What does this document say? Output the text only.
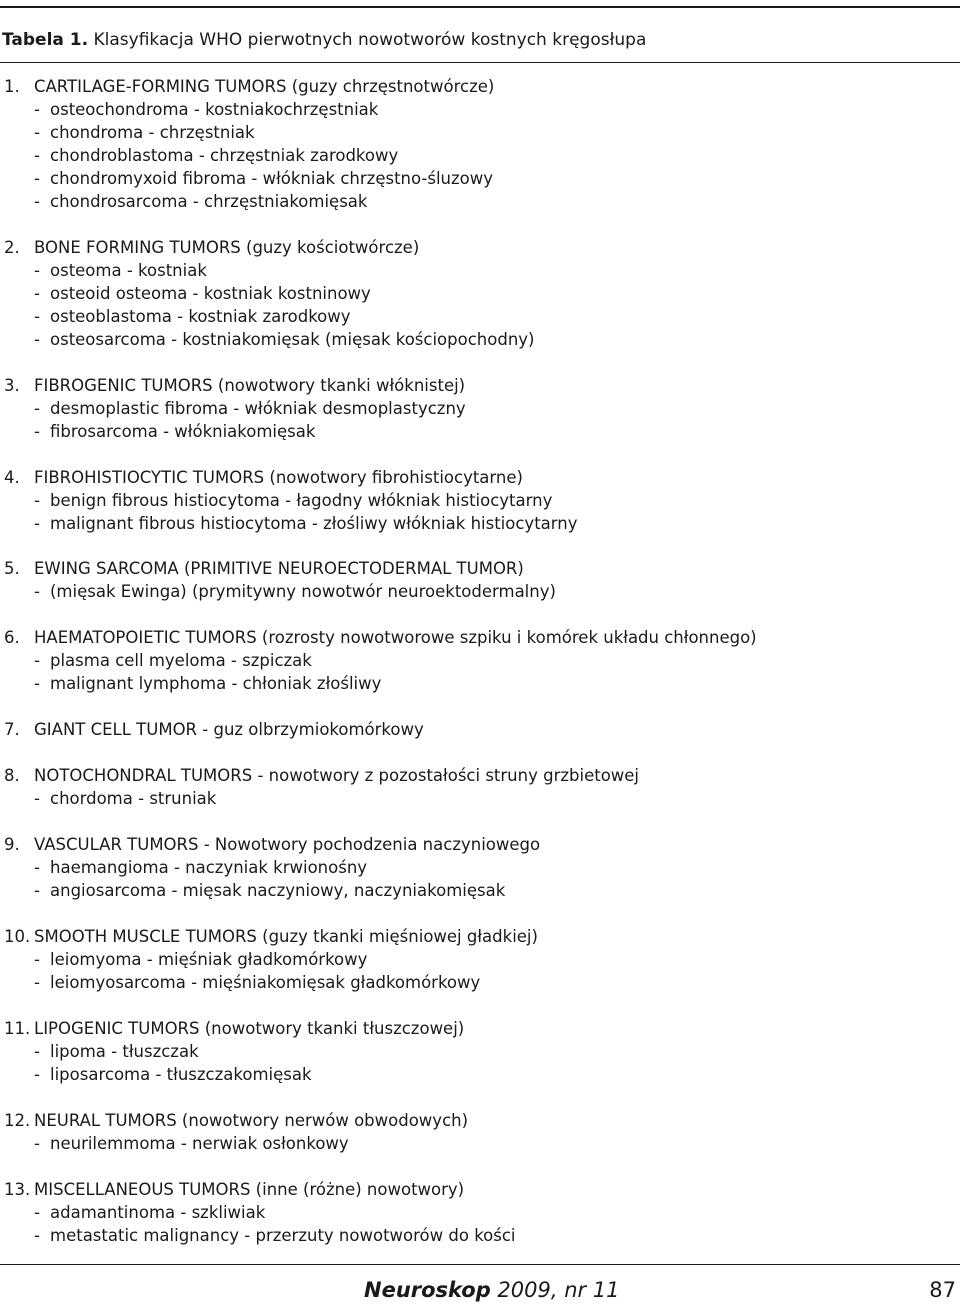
Tabela 1. Klasyfikacja WHO pierwotnych nowotworów kostnych kręgosłupa
1. CARTILAGE-FORMING TUMORS (guzy chrzęstnotwórcze)
- osteochondroma - kostniakochrzęstniak
- chondroma - chrzęstniak
- chondroblastoma - chrzęstniak zarodkowy
- chondromyxoid fibroma - włókniak chrzęstno-śluzowy
- chondrosarcoma - chrzęstniakomięsak
2. BONE FORMING TUMORS (guzy kościotwórcze)
- osteoma - kostniak
- osteoid osteoma - kostniak kostninowy
- osteoblastoma - kostniak zarodkowy
- osteosarcoma - kostniakomięsak (mięsak kościopochodny)
3. FIBROGENIC TUMORS (nowotwory tkanki włóknistej)
- desmoplastic fibroma - włókniak desmoplastyczny
- fibrosarcoma - włókniakomięsak
4. FIBROHISTIOCYTIC TUMORS (nowotwory fibrohistiocytarne)
- benign fibrous histiocytoma - łagodny włókniak histiocytarny
- malignant fibrous histiocytoma - złośliwy włókniak histiocytarny
5. EWING SARCOMA (PRIMITIVE NEUROECTODERMAL TUMOR)
- (mięsak Ewinga) (prymitywny nowotwór neuroektodermalny)
6. HAEMATOPOIETIC TUMORS (rozrosty nowotworowe szpiku i komórek układu chłonnego)
- plasma cell myeloma - szpiczak
- malignant lymphoma - chłoniak złośliwy
7. GIANT CELL TUMOR - guz olbrzymiokomórkowy
8. NOTOCHONDRAL TUMORS - nowotwory z pozostałości struny grzbietowej
- chordoma - struniak
9. VASCULAR TUMORS - Nowotwory pochodzenia naczyniowego
- haemangioma - naczyniak krwionośny
- angiosarcoma - mięsak naczyniowy, naczyniakomięsak
10. SMOOTH MUSCLE TUMORS (guzy tkanki mięśniowej gładkiej)
- leiomyoma - mięśniak gładkomórkowy
- leiomyosarcoma - mięśniakomięsak gładkomórkowy
11. LIPOGENIC TUMORS (nowotwory tkanki tłuszczowej)
- lipoma - tłuszczak
- liposarcoma - tłuszczakomięsak
12. NEURAL TUMORS (nowotwory nerwów obwodowych)
- neurilemmoma - nerwiak osłonkowy
13. MISCELLANEOUS TUMORS (inne (różne) nowotwory)
- adamantinoma - szkliwiak
- metastatic malignancy - przerzuty nowotworów do kości
Neuroskop 2009, nr 11	87
